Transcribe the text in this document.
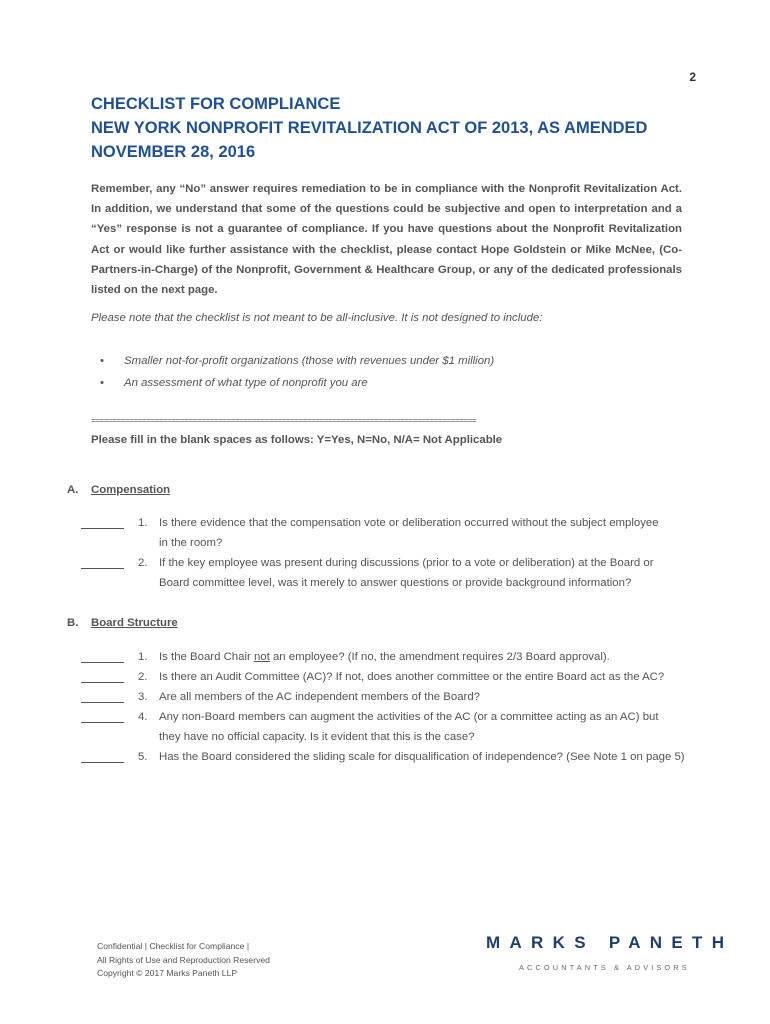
2
CHECKLIST FOR COMPLIANCE
NEW YORK NONPROFIT REVITALIZATION ACT OF 2013, AS AMENDED
NOVEMBER 28, 2016
Remember, any “No” answer requires remediation to be in compliance with the Nonprofit Revitalization Act. In addition, we understand that some of the questions could be subjective and open to interpretation and a “Yes” response is not a guarantee of compliance. If you have questions about the Nonprofit Revitalization Act or would like further assistance with the checklist, please contact Hope Goldstein or Mike McNee, (Co-Partners-in-Charge) of the Nonprofit, Government & Healthcare Group, or any of the dedicated professionals listed on the next page.
Please note that the checklist is not meant to be all-inclusive. It is not designed to include:
• Smaller not-for-profit organizations (those with revenues under $1 million)
• An assessment of what type of nonprofit you are
===========================================================================================
Please fill in the blank spaces as follows: Y=Yes, N=No, N/A= Not Applicable
A. Compensation
1. Is there evidence that the compensation vote or deliberation occurred without the subject employee
in the room?
2. If the key employee was present during discussions (prior to a vote or deliberation) at the Board or
Board committee level, was it merely to answer questions or provide background information?
B. Board Structure
1. Is the Board Chair not an employee? (If no, the amendment requires 2/3 Board approval).
2. Is there an Audit Committee (AC)? If not, does another committee or the entire Board act as the AC?
3. Are all members of the AC independent members of the Board?
4. Any non-Board members can augment the activities of the AC (or a committee acting as an AC) but
they have no official capacity. Is it evident that this is the case?
5. Has the Board considered the sliding scale for disqualification of independence? (See Note 1 on page 5)
Confidential | Checklist for Compliance |
All Rights of Use and Reproduction Reserved
Copyright © 2017 Marks Paneth LLP
MARKS PANETH
ACCOUNTANTS & ADVISORS
